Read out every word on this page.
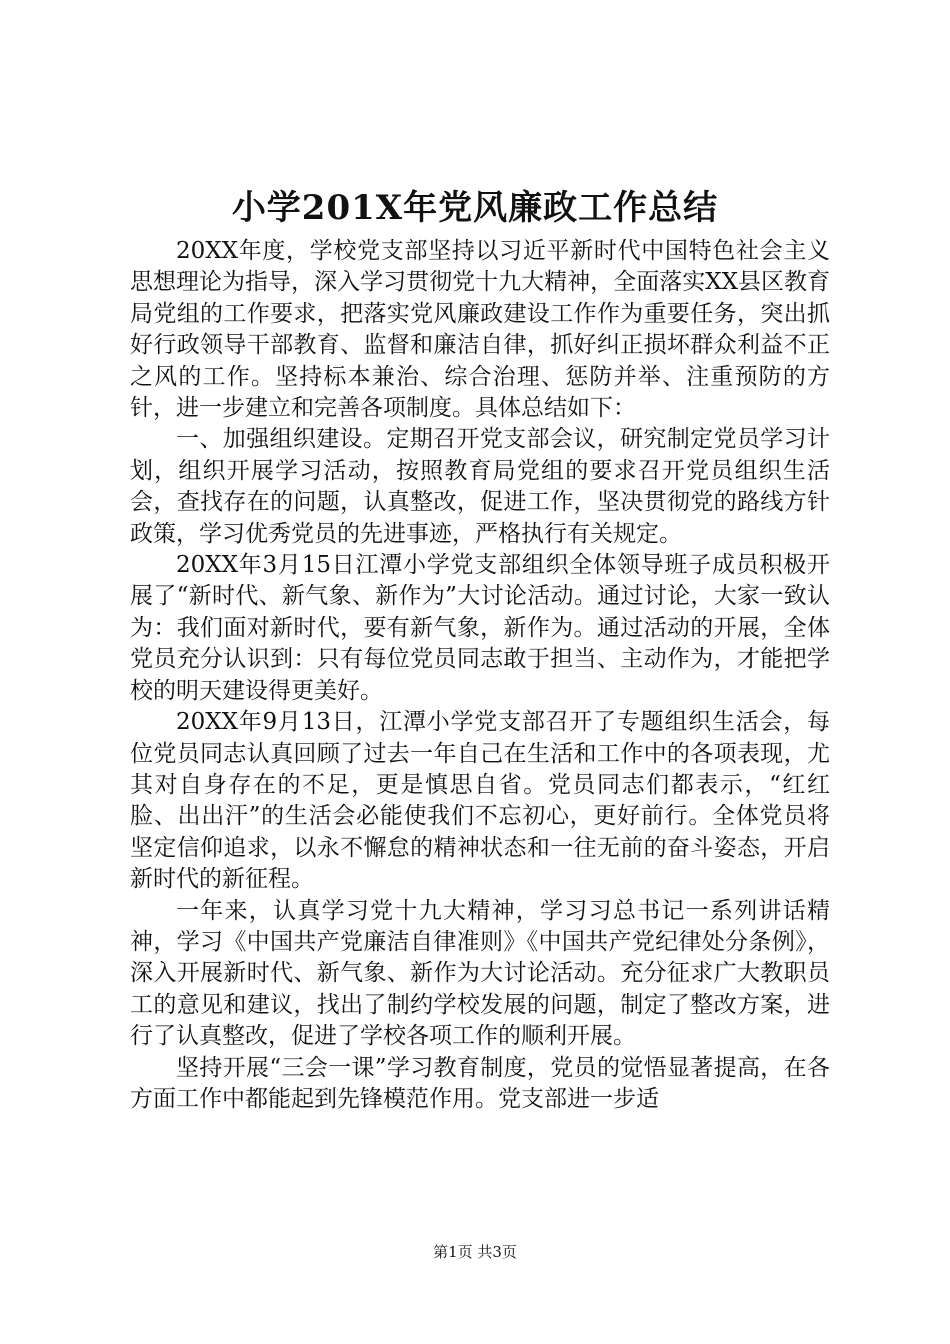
小学201X年党风廉政工作总结

20XX年度，学校党支部坚持以习近平新时代中国特色社会主义思想理论为指导，深入学习贯彻党十九大精神，全面落实XX县区教育局党组的工作要求，把落实党风廉政建设工作作为重要任务，突出抓好行政领导干部教育、监督和廉洁自律，抓好纠正损坏群众利益不正之风的工作。坚持标本兼治、综合治理、惩防并举、注重预防的方针，进一步建立和完善各项制度。具体总结如下：

一、加强组织建设。定期召开党支部会议，研究制定党员学习计划，组织开展学习活动，按照教育局党组的要求召开党员组织生活会，查找存在的问题，认真整改，促进工作，坚决贯彻党的路线方针政策，学习优秀党员的先进事迹，严格执行有关规定。

20XX年3月15日江潭小学党支部组织全体领导班子成员积极开展了“新时代、新气象、新作为”大讨论活动。通过讨论，大家一致认为：我们面对新时代，要有新气象，新作为。通过活动的开展，全体党员充分认识到：只有每位党员同志敢于担当、主动作为，才能把学校的明天建设得更美好。

20XX年9月13日，江潭小学党支部召开了专题组织生活会，每位党员同志认真回顾了过去一年自己在生活和工作中的各项表现，尤其对自身存在的不足，更是慎思自省。党员同志们都表示，“红红脸、出出汗”的生活会必能使我们不忘初心，更好前行。全体党员将坚定信仰追求，以永不懈怠的精神状态和一往无前的奋斗姿态，开启新时代的新征程。

一年来，认真学习党十九大精神，学习习总书记一系列讲话精神，学习《中国共产党廉洁自律准则》《中国共产党纪律处分条例》，深入开展新时代、新气象、新作为大讨论活动。充分征求广大教职员工的意见和建议，找出了制约学校发展的问题，制定了整改方案，进行了认真整改，促进了学校各项工作的顺利开展。

坚持开展“三会一课”学习教育制度，党员的觉悟显著提高，在各方面工作中都能起到先锋模范作用。党支部进一步适

第1页 共3页
